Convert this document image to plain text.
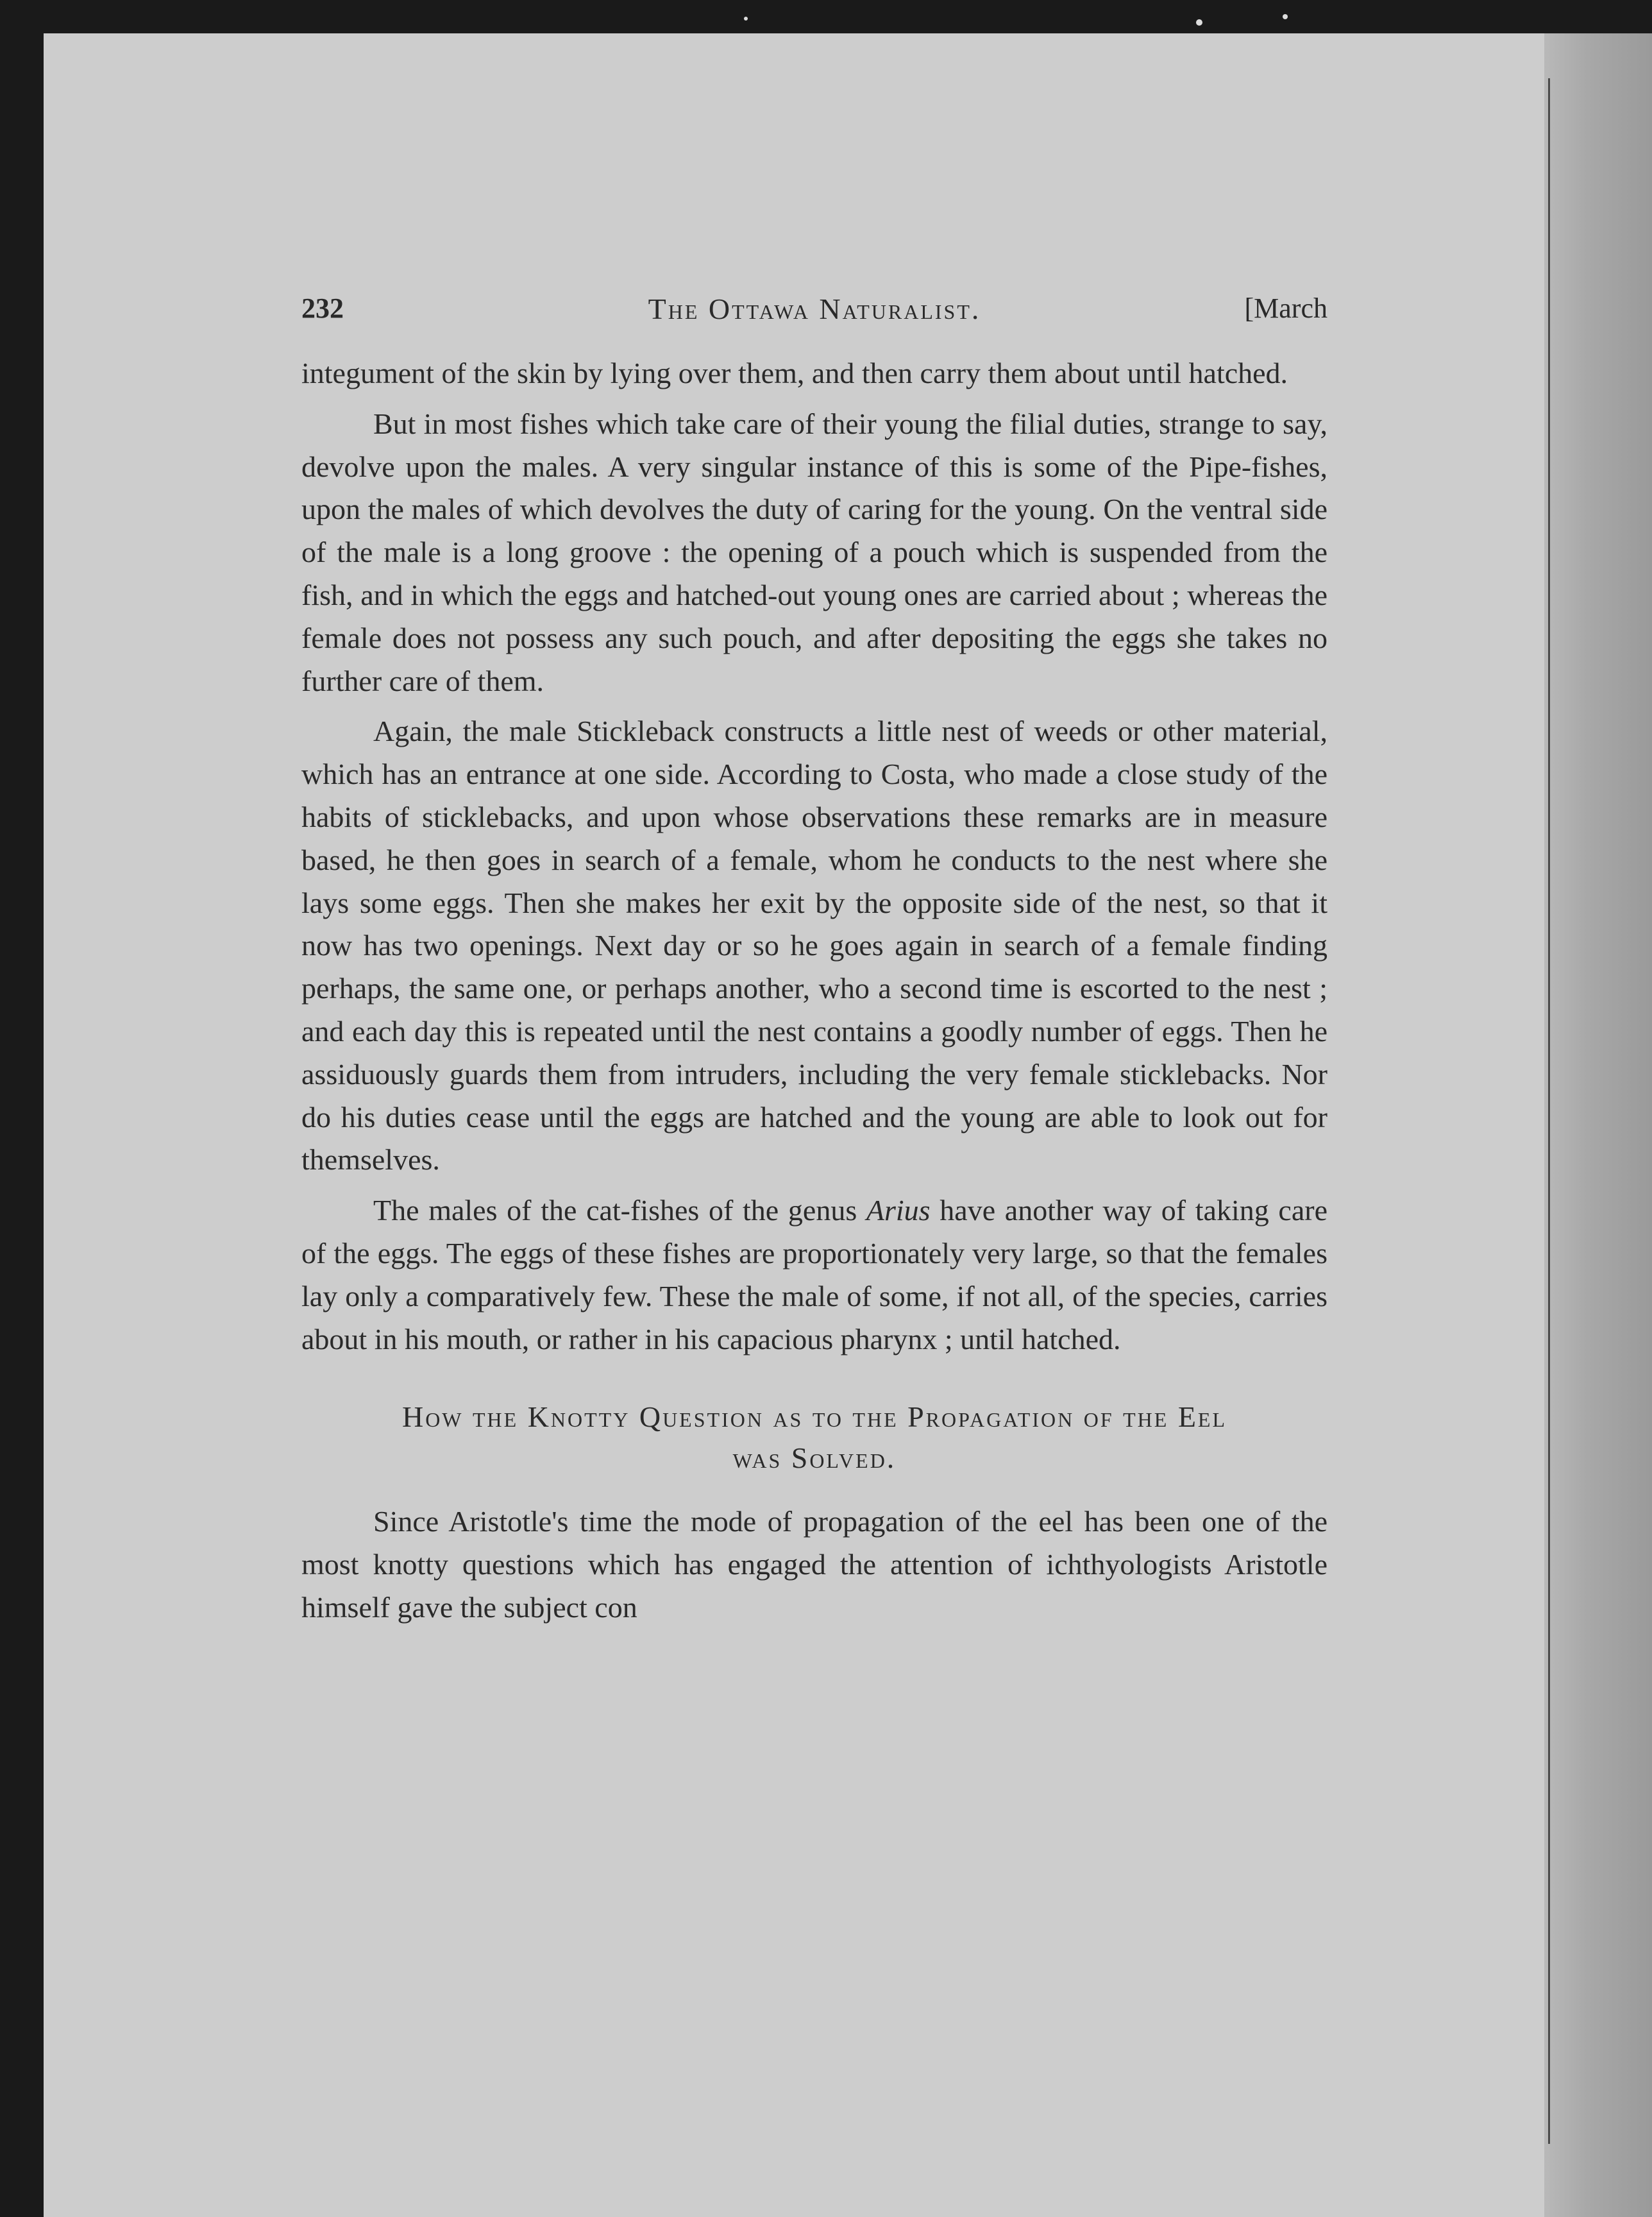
232	The Ottawa Naturalist.	[March

integument of the skin by lying over them, and then carry them about until hatched.

But in most fishes which take care of their young the filial duties, strange to say, devolve upon the males. A very singular instance of this is some of the Pipe-fishes, upon the males of which devolves the duty of caring for the young. On the ventral side of the male is a long groove : the opening of a pouch which is suspended from the fish, and in which the eggs and hatched-out young ones are carried about ; whereas the female does not possess any such pouch, and after depositing the eggs she takes no further care of them.

Again, the male Stickleback constructs a little nest of weeds or other material, which has an entrance at one side. According to Costa, who made a close study of the habits of sticklebacks, and upon whose observations these remarks are in measure based, he then goes in search of a female, whom he conducts to the nest where she lays some eggs. Then she makes her exit by the opposite side of the nest, so that it now has two openings. Next day or so he goes again in search of a female finding perhaps, the same one, or perhaps another, who a second time is escorted to the nest ; and each day this is repeated until the nest contains a goodly number of eggs. Then he assiduously guards them from intruders, including the very female sticklebacks. Nor do his duties cease until the eggs are hatched and the young are able to look out for themselves.

The males of the cat-fishes of the genus Arius have another way of taking care of the eggs. The eggs of these fishes are proportionately very large, so that the females lay only a comparatively few. These the male of some, if not all, of the species, carries about in his mouth, or rather in his capacious pharynx ; until hatched.

How the Knotty Question as to the Propagation of the Eel
was Solved.

Since Aristotle's time the mode of propagation of the eel has been one of the most knotty questions which has engaged the attention of ichthyologists Aristotle himself gave the subject con
